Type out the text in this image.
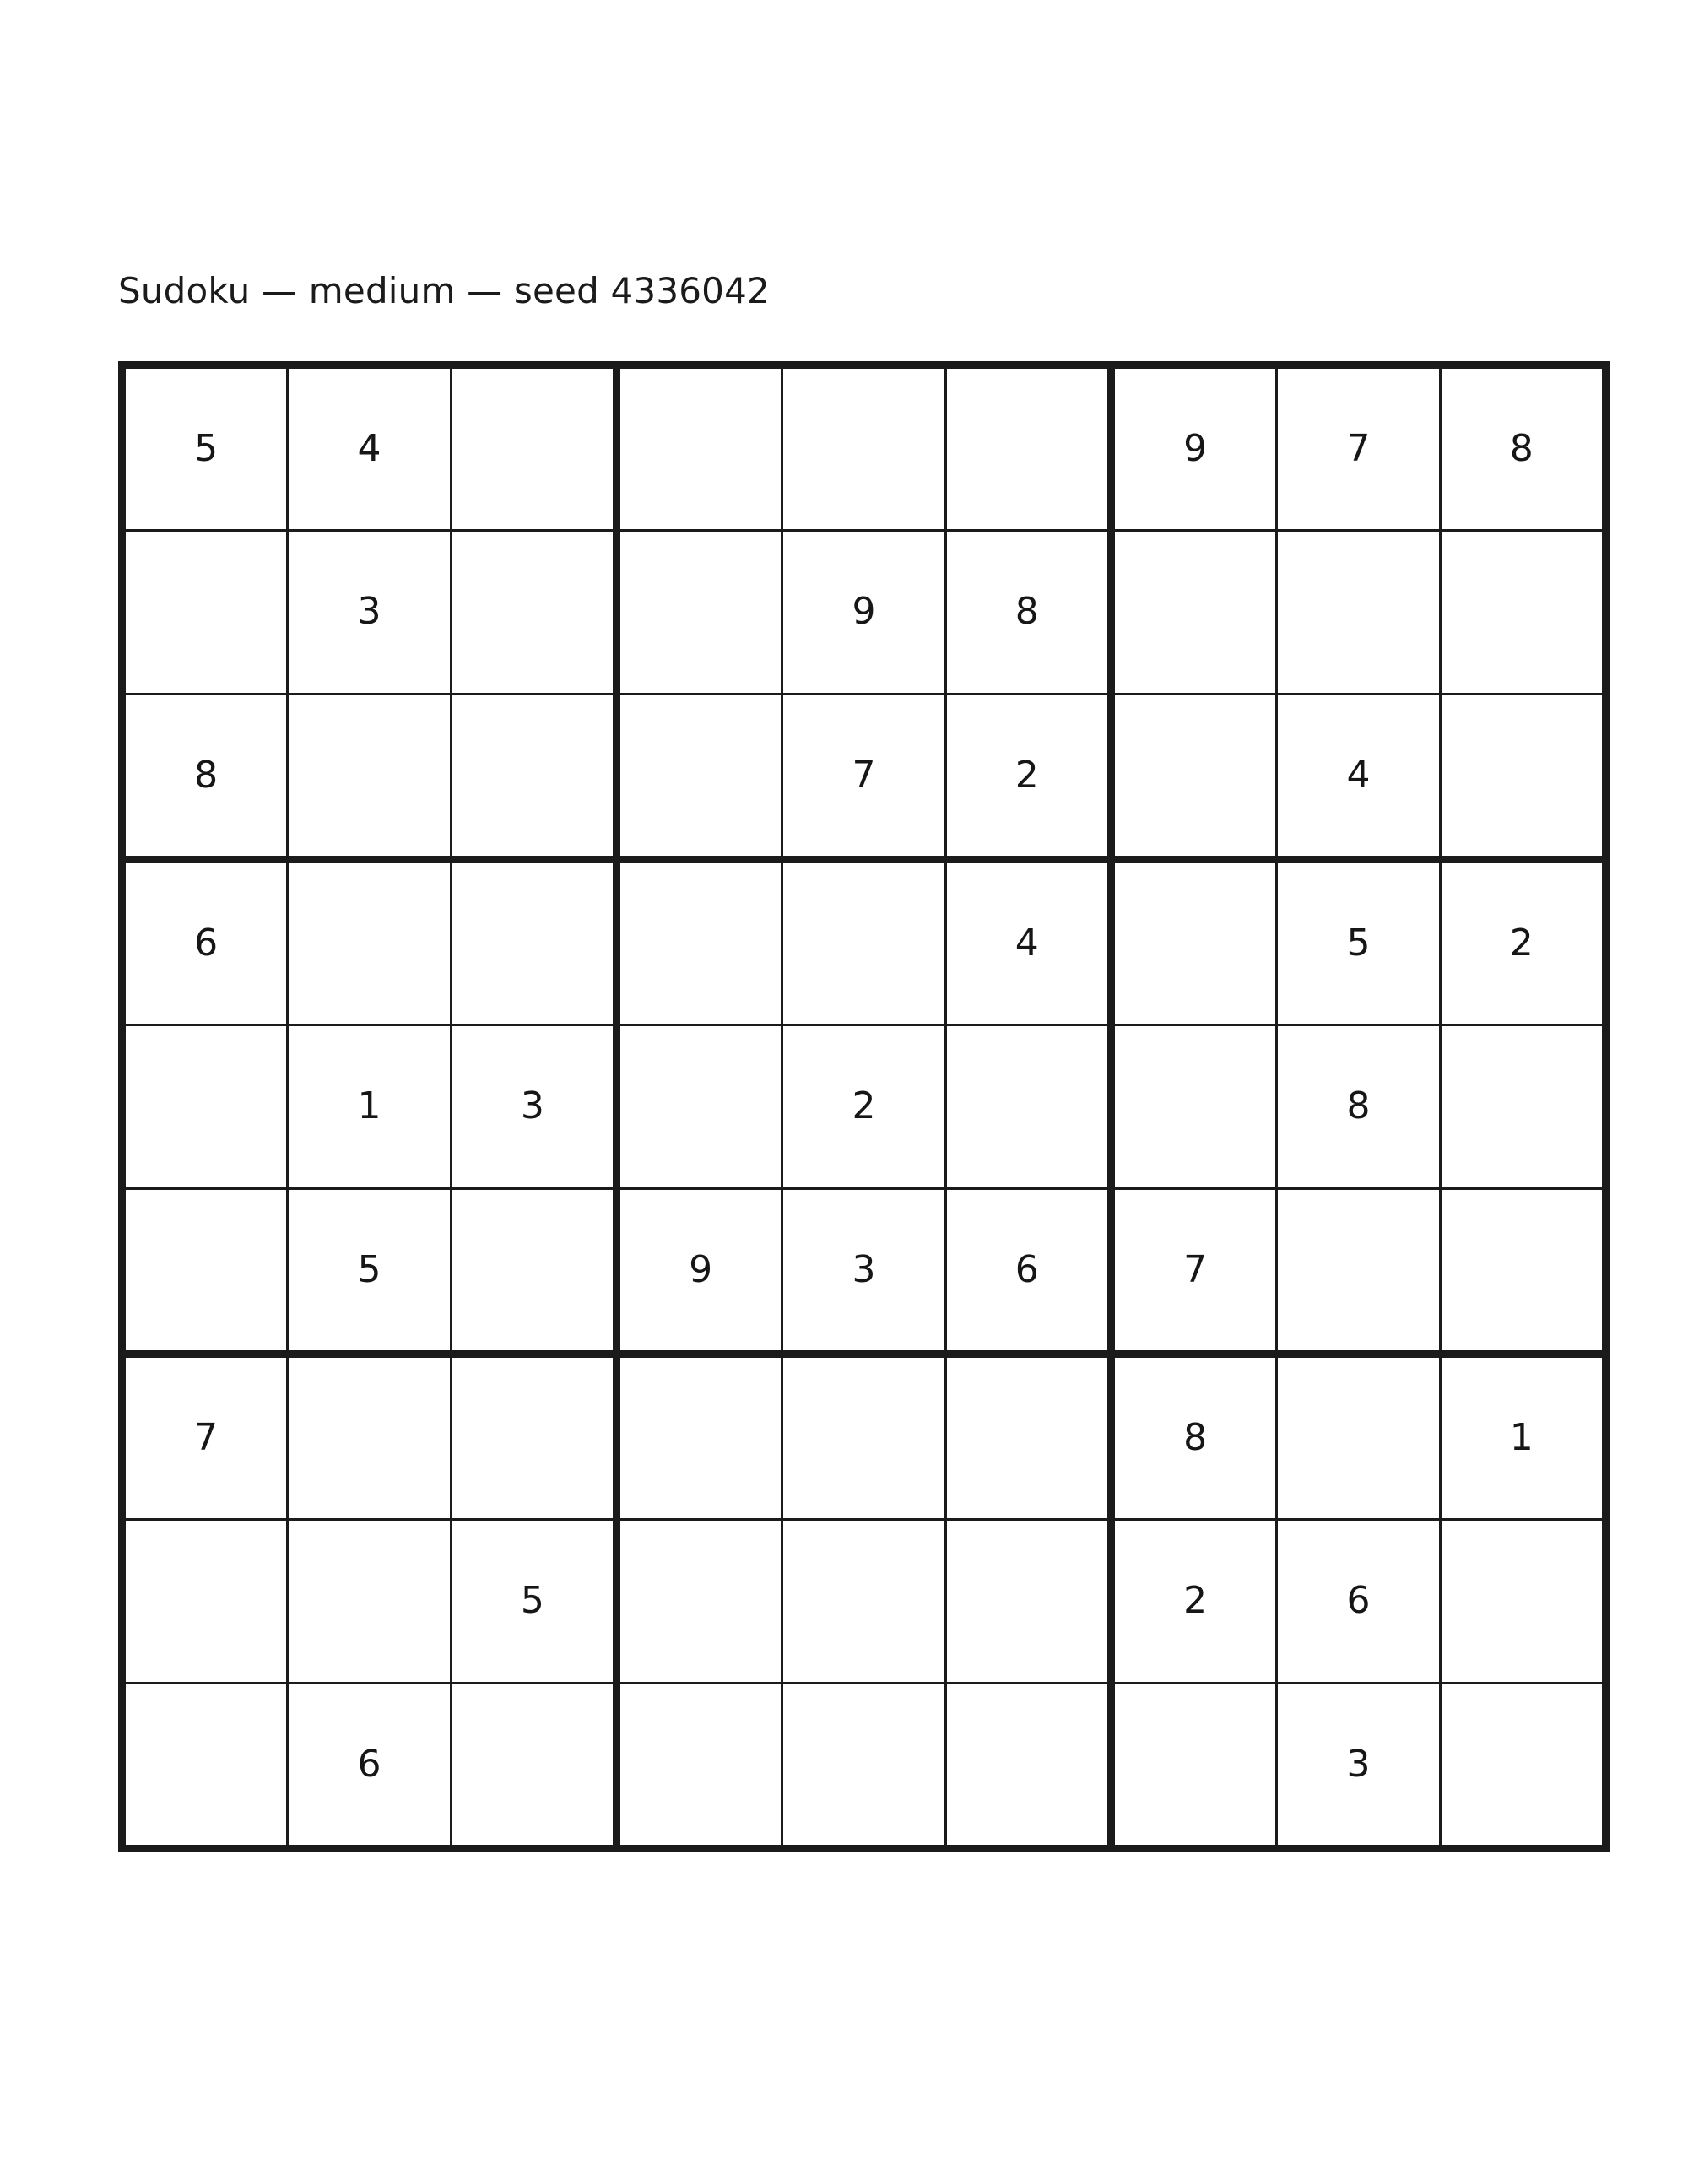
Sudoku — medium — seed 4336042
5	4					9	7	8

	3			9	8			

8				7	2		4	

6					4		5	2

	1	3		2			8	

	5		9	3	6	7		

7						8		1

		5				2	6	

	6						3	
